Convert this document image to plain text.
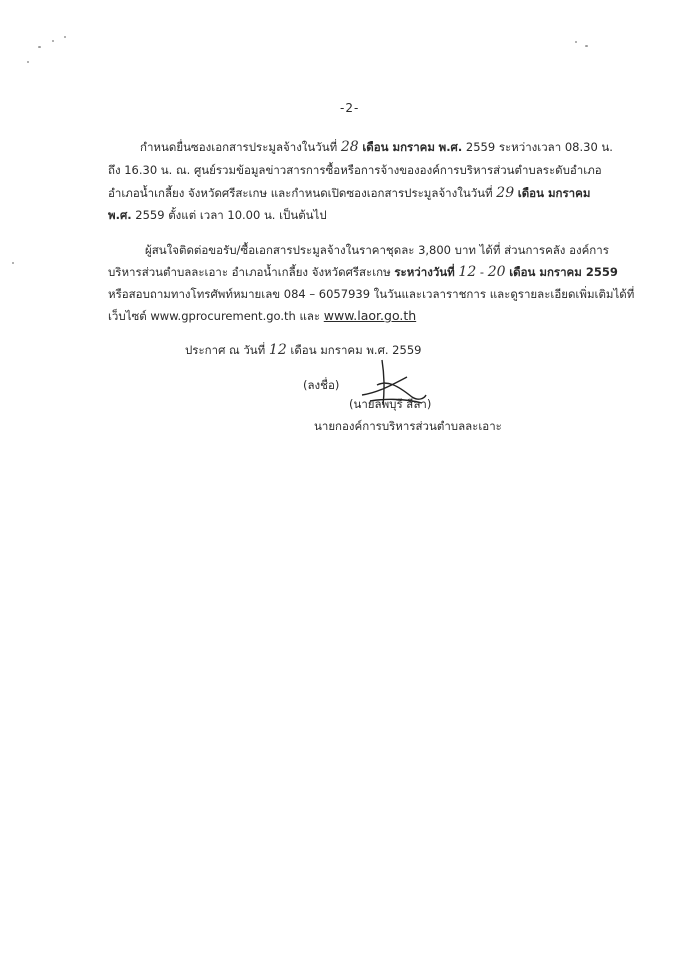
-2-
กำหนดยื่นซองเอกสารประมูลจ้างในวันที่ 28 เดือน มกราคม พ.ศ. 2559 ระหว่างเวลา 08.30 น.
ถึง 16.30 น. ณ. ศูนย์รวมข้อมูลข่าวสารการซื้อหรือการจ้างขององค์การบริหารส่วนตำบลระดับอำเภอ
อำเภอน้ำเกลี้ยง จังหวัดศรีสะเกษ และกำหนดเปิดซองเอกสารประมูลจ้างในวันที่ 29 เดือน มกราคม
พ.ศ. 2559 ตั้งแต่ เวลา 10.00 น. เป็นต้นไป
ผู้สนใจติดต่อขอรับ/ซื้อเอกสารประมูลจ้างในราคาชุดละ 3,800 บาท ได้ที่ ส่วนการคลัง องค์การ
บริหารส่วนตำบลละเอาะ อำเภอน้ำเกลี้ยง จังหวัดศรีสะเกษ ระหว่างวันที่ 12 - 20 เดือน มกราคม 2559
หรือสอบถามทางโทรศัพท์หมายเลข 084 – 6057939 ในวันและเวลาราชการ และดูรายละเอียดเพิ่มเติมได้ที่
เว็บไซต์ www.gprocurement.go.th และ www.laor.go.th
ประกาศ ณ วันที่ 12 เดือน มกราคม พ.ศ. 2559
(ลงชื่อ)
(นายลพบุรี สีลา)
นายกองค์การบริหารส่วนตำบลละเอาะ
